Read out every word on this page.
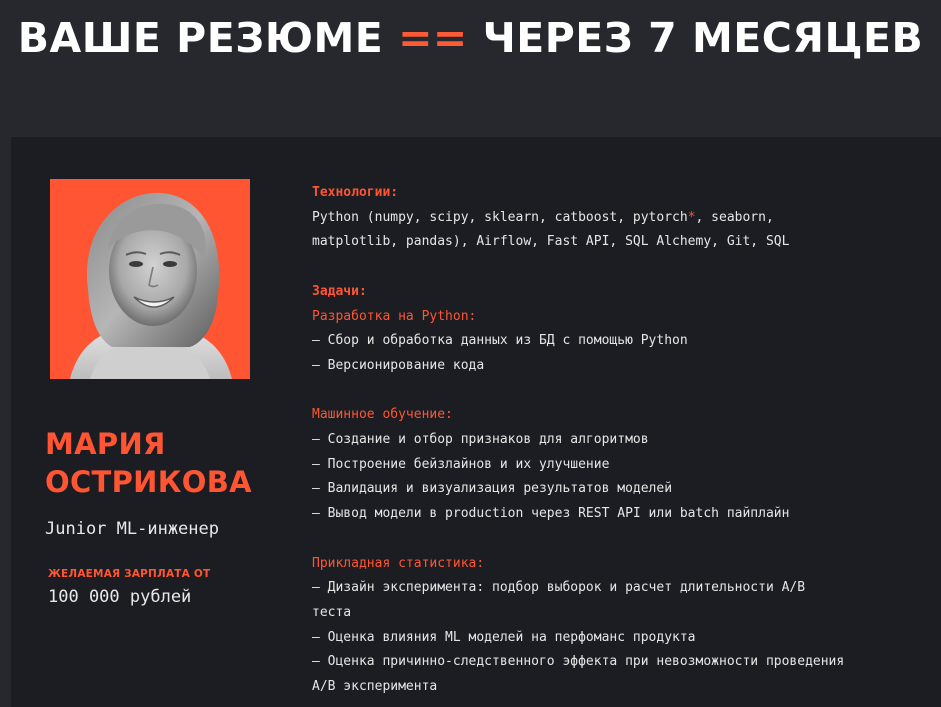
ВАШЕ РЕЗЮМЕ == ЧЕРЕЗ 7 МЕСЯЦЕВ
МАРИЯ
ОСТРИКОВА
Junior ML-инженер
ЖЕЛАЕМАЯ ЗАРПЛАТА ОТ
100 000 рублей
Технологии:
Python (numpy, scipy, sklearn, catboost, pytorch*, seaborn,
matplotlib, pandas), Airflow, Fast API, SQL Alchemy, Git, SQL
Задачи:
Разработка на Python:
– Сбор и обработка данных из БД с помощью Python
– Версионирование кода
Машинное обучение:
– Создание и отбор признаков для алгоритмов
– Построение бейзлайнов и их улучшение
– Валидация и визуализация результатов моделей
– Вывод модели в production через REST API или batch пайплайн
Прикладная статистика:
– Дизайн эксперимента: подбор выборок и расчет длительности A/B
теста
– Оценка влияния ML моделей на перфоманс продукта
– Оценка причинно-следственного эффекта при невозможности проведения
A/B эксперимента
